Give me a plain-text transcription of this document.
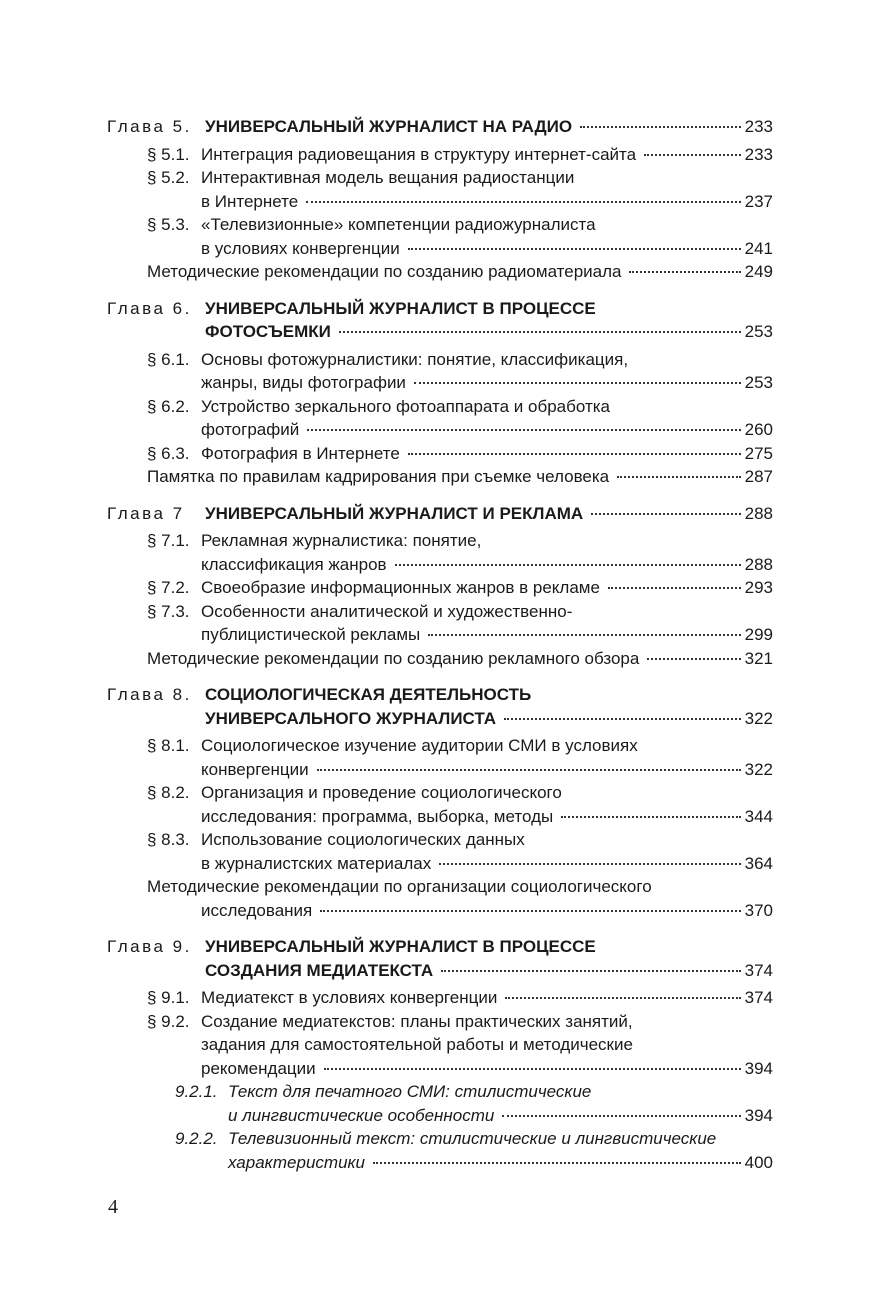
Глава 5. УНИВЕРСАЛЬНЫЙ ЖУРНАЛИСТ НА РАДИО	233
§ 5.1. Интеграция радиовещания в структуру интернет-сайта	233
§ 5.2. Интерактивная модель вещания радиостанции
в Интернете	237
§ 5.3. «Телевизионные» компетенции радиожурналиста
в условиях конвергенции	241
Методические рекомендации по созданию радиоматериала	249
Глава 6. УНИВЕРСАЛЬНЫЙ ЖУРНАЛИСТ В ПРОЦЕССЕ
ФОТОСЪЕМКИ	253
§ 6.1. Основы фотожурналистики: понятие, классификация,
жанры, виды фотографии	253
§ 6.2. Устройство зеркального фотоаппарата и обработка
фотографий	260
§ 6.3. Фотография в Интернете	275
Памятка по правилам кадрирования при съемке человека	287
Глава 7 УНИВЕРСАЛЬНЫЙ ЖУРНАЛИСТ И РЕКЛАМА	288
§ 7.1. Рекламная журналистика: понятие,
классификация жанров	288
§ 7.2. Своеобразие информационных жанров в рекламе	293
§ 7.3. Особенности аналитической и художественно-
публицистической рекламы	299
Методические рекомендации по созданию рекламного обзора	321
Глава 8. СОЦИОЛОГИЧЕСКАЯ ДЕЯТЕЛЬНОСТЬ
УНИВЕРСАЛЬНОГО ЖУРНАЛИСТА	322
§ 8.1. Социологическое изучение аудитории СМИ в условиях
конвергенции	322
§ 8.2. Организация и проведение социологического
исследования: программа, выборка, методы	344
§ 8.3. Использование социологических данных
в журналистских материалах	364
Методические рекомендации по организации социологического
исследования	370
Глава 9. УНИВЕРСАЛЬНЫЙ ЖУРНАЛИСТ В ПРОЦЕССЕ
СОЗДАНИЯ МЕДИАТЕКСТА	374
§ 9.1. Медиатекст в условиях конвергенции	374
§ 9.2. Создание медиатекстов: планы практических занятий,
задания для самостоятельной работы и методические
рекомендации	394
9.2.1. Текст для печатного СМИ: стилистические
и лингвистические особенности	394
9.2.2. Телевизионный текст: стилистические и лингвистические
характеристики	400
4
